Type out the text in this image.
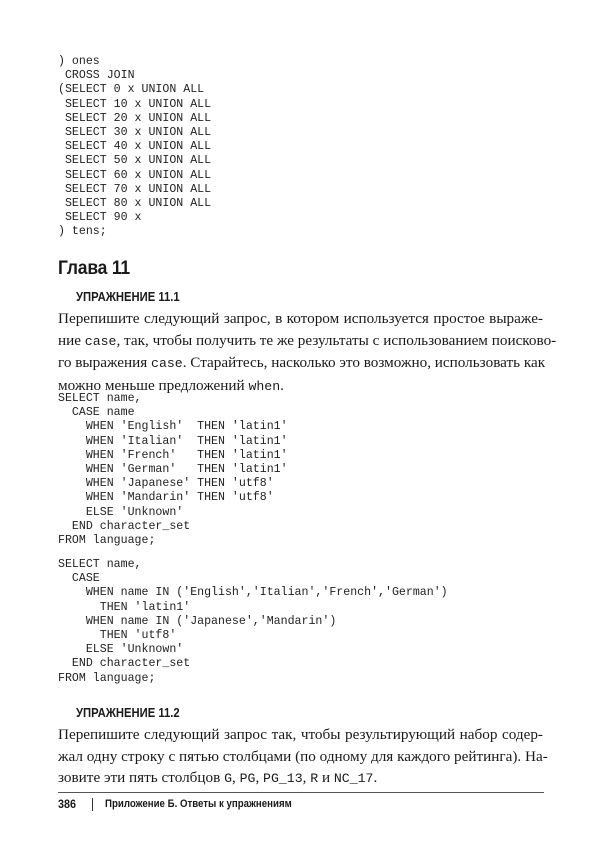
) ones
CROSS JOIN
(SELECT 0 x UNION ALL
SELECT 10 x UNION ALL
SELECT 20 x UNION ALL
SELECT 30 x UNION ALL
SELECT 40 x UNION ALL
SELECT 50 x UNION ALL
SELECT 60 x UNION ALL
SELECT 70 x UNION ALL
SELECT 80 x UNION ALL
SELECT 90 x
) tens;
Глава 11
УПРАЖНЕНИЕ 11.1

Перепишите следующий запрос, в котором используется простое выраже-
ние case, так, чтобы получить те же результаты с использованием поисково-
го выражения case. Старайтесь, насколько это возможно, использовать как
можно меньше предложений when.

SELECT name,
CASE name
WHEN 'English'  THEN 'latin1'
WHEN 'Italian'  THEN 'latin1'
WHEN 'French'   THEN 'latin1'
WHEN 'German'   THEN 'latin1'
WHEN 'Japanese' THEN 'utf8'
WHEN 'Mandarin' THEN 'utf8'
ELSE 'Unknown'
END character_set
FROM language;
SELECT name,
CASE
WHEN name IN ('English','Italian','French','German')
THEN 'latin1'
WHEN name IN ('Japanese','Mandarin')
THEN 'utf8'
ELSE 'Unknown'
END character_set
FROM language;
УПРАЖНЕНИЕ 11.2

Перепишите следующий запрос так, чтобы результирующий набор содер-
жал одну строку с пятью столбцами (по одному для каждого рейтинга). На-
зовите эти пять столбцов G, PG, PG_13, R и NC_17.

386	Приложение Б. Ответы к упражнениям
